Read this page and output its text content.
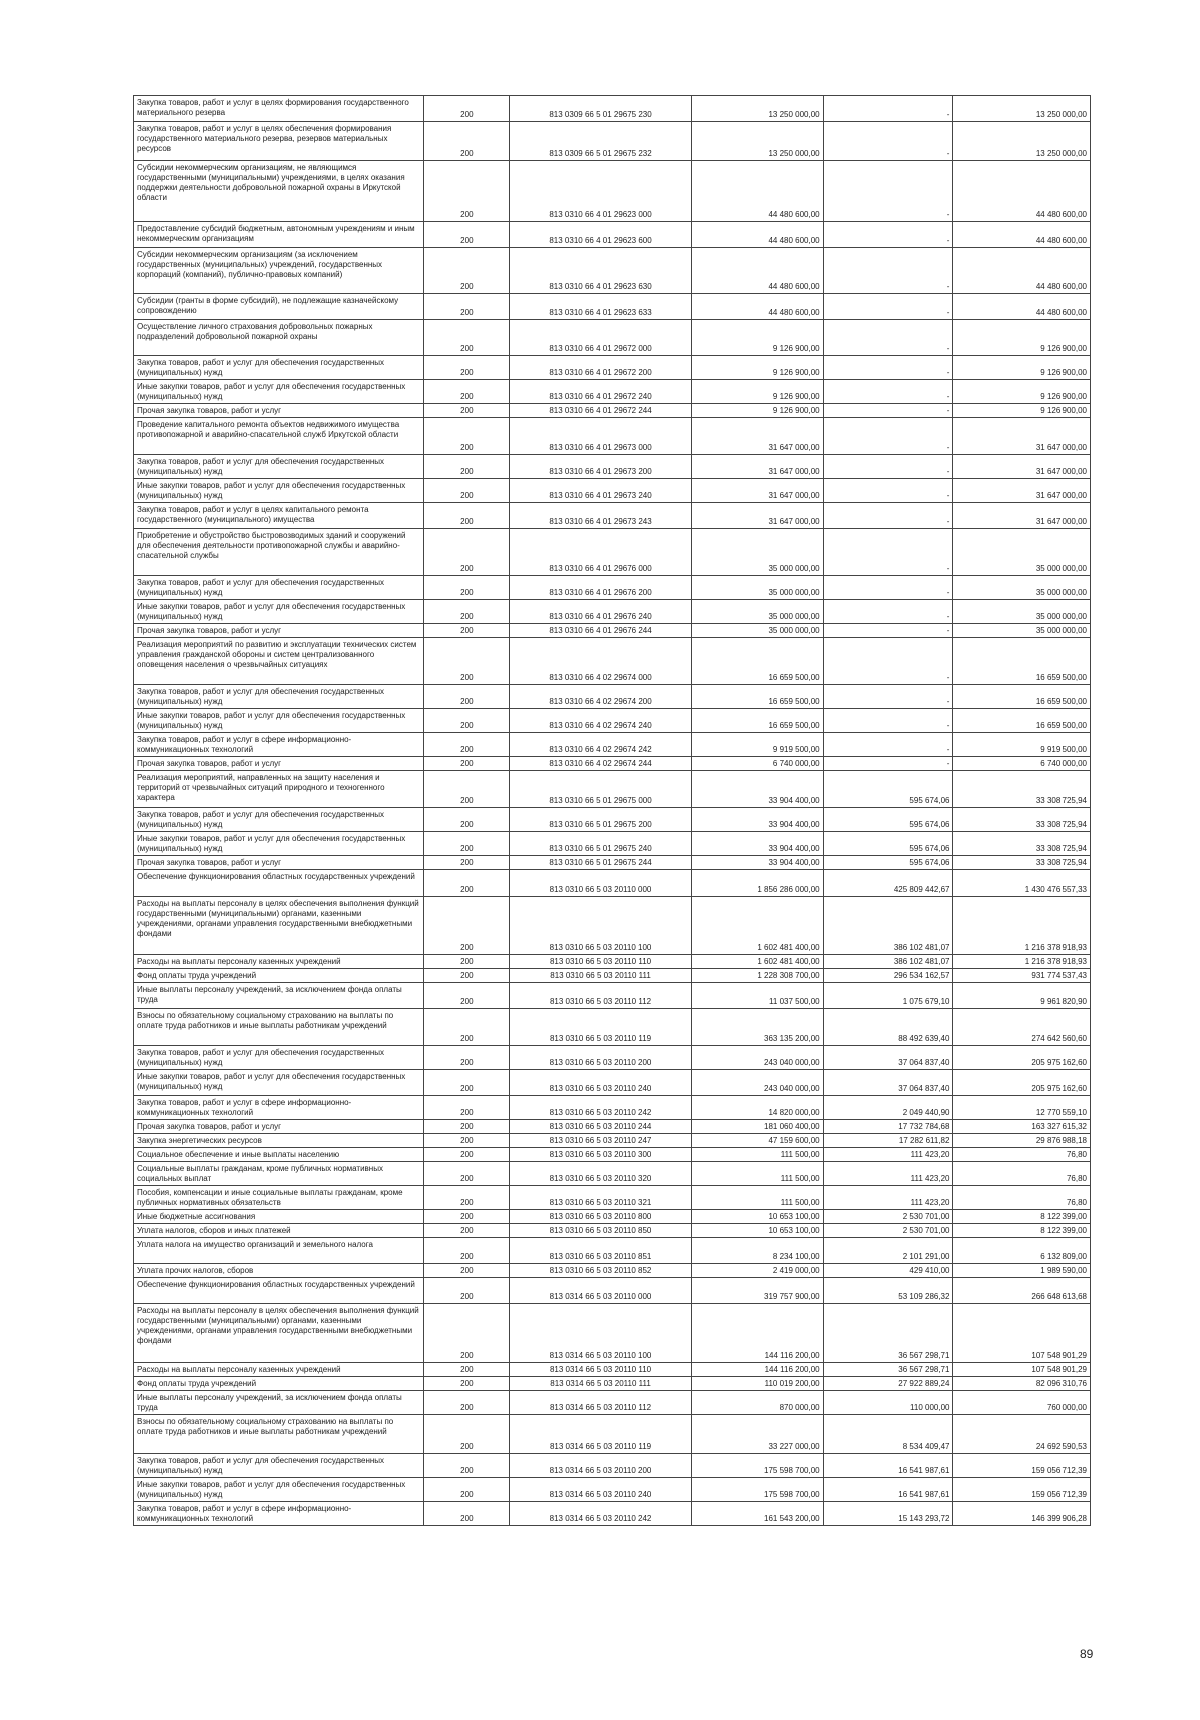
Закупка товаров, работ и услуг в целях формирования государственного материального резерва	200	813 0309 66 5 01 29675 230	13 250 000,00	-	13 250 000,00
Закупка товаров, работ и услуг в целях обеспечения формирования государственного материального резерва, резервов материальных ресурсов	200	813 0309 66 5 01 29675 232	13 250 000,00	-	13 250 000,00
Субсидии некоммерческим организациям, не являющимся государственными (муниципальными) учреждениями, в целях оказания поддержки деятельности добровольной пожарной охраны в Иркутской области	200	813 0310 66 4 01 29623 000	44 480 600,00	-	44 480 600,00
Предоставление субсидий бюджетным, автономным учреждениям и иным некоммерческим организациям	200	813 0310 66 4 01 29623 600	44 480 600,00	-	44 480 600,00
Субсидии некоммерческим организациям (за исключением государственных (муниципальных) учреждений, государственных корпораций (компаний), публично-правовых компаний)	200	813 0310 66 4 01 29623 630	44 480 600,00	-	44 480 600,00
Субсидии (гранты в форме субсидий), не подлежащие казначейскому сопровождению	200	813 0310 66 4 01 29623 633	44 480 600,00	-	44 480 600,00
Осуществление личного страхования добровольных пожарных подразделений добровольной пожарной охраны	200	813 0310 66 4 01 29672 000	9 126 900,00	-	9 126 900,00
Закупка товаров, работ и услуг для обеспечения государственных (муниципальных) нужд	200	813 0310 66 4 01 29672 200	9 126 900,00	-	9 126 900,00
Иные закупки товаров, работ и услуг для обеспечения государственных (муниципальных) нужд	200	813 0310 66 4 01 29672 240	9 126 900,00	-	9 126 900,00
Прочая закупка товаров, работ и услуг	200	813 0310 66 4 01 29672 244	9 126 900,00	-	9 126 900,00
Проведение капитального ремонта объектов недвижимого имущества противопожарной и аварийно-спасательной служб Иркутской области	200	813 0310 66 4 01 29673 000	31 647 000,00	-	31 647 000,00
Закупка товаров, работ и услуг для обеспечения государственных (муниципальных) нужд	200	813 0310 66 4 01 29673 200	31 647 000,00	-	31 647 000,00
Иные закупки товаров, работ и услуг для обеспечения государственных (муниципальных) нужд	200	813 0310 66 4 01 29673 240	31 647 000,00	-	31 647 000,00
Закупка товаров, работ и услуг в целях капитального ремонта государственного (муниципального) имущества	200	813 0310 66 4 01 29673 243	31 647 000,00	-	31 647 000,00
Приобретение и обустройство быстровозводимых зданий и сооружений для обеспечения деятельности противопожарной службы и аварийно-спасательной службы	200	813 0310 66 4 01 29676 000	35 000 000,00	-	35 000 000,00
Закупка товаров, работ и услуг для обеспечения государственных (муниципальных) нужд	200	813 0310 66 4 01 29676 200	35 000 000,00	-	35 000 000,00
Иные закупки товаров, работ и услуг для обеспечения государственных (муниципальных) нужд	200	813 0310 66 4 01 29676 240	35 000 000,00	-	35 000 000,00
Прочая закупка товаров, работ и услуг	200	813 0310 66 4 01 29676 244	35 000 000,00	-	35 000 000,00
Реализация мероприятий по развитию и эксплуатации технических систем управления гражданской обороны и систем централизованного оповещения населения о чрезвычайных ситуациях	200	813 0310 66 4 02 29674 000	16 659 500,00	-	16 659 500,00
Закупка товаров, работ и услуг для обеспечения государственных (муниципальных) нужд	200	813 0310 66 4 02 29674 200	16 659 500,00	-	16 659 500,00
Иные закупки товаров, работ и услуг для обеспечения государственных (муниципальных) нужд	200	813 0310 66 4 02 29674 240	16 659 500,00	-	16 659 500,00
Закупка товаров, работ и услуг в сфере информационно-коммуникационных технологий	200	813 0310 66 4 02 29674 242	9 919 500,00	-	9 919 500,00
Прочая закупка товаров, работ и услуг	200	813 0310 66 4 02 29674 244	6 740 000,00	-	6 740 000,00
Реализация мероприятий, направленных на защиту населения и территорий от чрезвычайных ситуаций природного и техногенного характера	200	813 0310 66 5 01 29675 000	33 904 400,00	595 674,06	33 308 725,94
Закупка товаров, работ и услуг для обеспечения государственных (муниципальных) нужд	200	813 0310 66 5 01 29675 200	33 904 400,00	595 674,06	33 308 725,94
Иные закупки товаров, работ и услуг для обеспечения государственных (муниципальных) нужд	200	813 0310 66 5 01 29675 240	33 904 400,00	595 674,06	33 308 725,94
Прочая закупка товаров, работ и услуг	200	813 0310 66 5 01 29675 244	33 904 400,00	595 674,06	33 308 725,94
Обеспечение функционирования областных государственных учреждений	200	813 0310 66 5 03 20110 000	1 856 286 000,00	425 809 442,67	1 430 476 557,33
Расходы на выплаты персоналу в целях обеспечения выполнения функций государственными (муниципальными) органами, казенными учреждениями, органами управления государственными внебюджетными фондами	200	813 0310 66 5 03 20110 100	1 602 481 400,00	386 102 481,07	1 216 378 918,93
Расходы на выплаты персоналу казенных учреждений	200	813 0310 66 5 03 20110 110	1 602 481 400,00	386 102 481,07	1 216 378 918,93
Фонд оплаты труда учреждений	200	813 0310 66 5 03 20110 111	1 228 308 700,00	296 534 162,57	931 774 537,43
Иные выплаты персоналу учреждений, за исключением фонда оплаты труда	200	813 0310 66 5 03 20110 112	11 037 500,00	1 075 679,10	9 961 820,90
Взносы по обязательному социальному страхованию на выплаты по оплате труда работников и иные выплаты работникам учреждений	200	813 0310 66 5 03 20110 119	363 135 200,00	88 492 639,40	274 642 560,60
Закупка товаров, работ и услуг для обеспечения государственных (муниципальных) нужд	200	813 0310 66 5 03 20110 200	243 040 000,00	37 064 837,40	205 975 162,60
Иные закупки товаров, работ и услуг для обеспечения государственных (муниципальных) нужд	200	813 0310 66 5 03 20110 240	243 040 000,00	37 064 837,40	205 975 162,60
Закупка товаров, работ и услуг в сфере информационно-коммуникационных технологий	200	813 0310 66 5 03 20110 242	14 820 000,00	2 049 440,90	12 770 559,10
Прочая закупка товаров, работ и услуг	200	813 0310 66 5 03 20110 244	181 060 400,00	17 732 784,68	163 327 615,32
Закупка энергетических ресурсов	200	813 0310 66 5 03 20110 247	47 159 600,00	17 282 611,82	29 876 988,18
Социальное обеспечение и иные выплаты населению	200	813 0310 66 5 03 20110 300	111 500,00	111 423,20	76,80
Социальные выплаты гражданам, кроме публичных нормативных социальных выплат	200	813 0310 66 5 03 20110 320	111 500,00	111 423,20	76,80
Пособия, компенсации и иные социальные выплаты гражданам, кроме публичных нормативных обязательств	200	813 0310 66 5 03 20110 321	111 500,00	111 423,20	76,80
Иные бюджетные ассигнования	200	813 0310 66 5 03 20110 800	10 653 100,00	2 530 701,00	8 122 399,00
Уплата налогов, сборов и иных платежей	200	813 0310 66 5 03 20110 850	10 653 100,00	2 530 701,00	8 122 399,00
Уплата налога на имущество организаций и земельного налога	200	813 0310 66 5 03 20110 851	8 234 100,00	2 101 291,00	6 132 809,00
Уплата прочих налогов, сборов	200	813 0310 66 5 03 20110 852	2 419 000,00	429 410,00	1 989 590,00
Обеспечение функционирования областных государственных учреждений	200	813 0314 66 5 03 20110 000	319 757 900,00	53 109 286,32	266 648 613,68
Расходы на выплаты персоналу в целях обеспечения выполнения функций государственными (муниципальными) органами, казенными учреждениями, органами управления государственными внебюджетными фондами	200	813 0314 66 5 03 20110 100	144 116 200,00	36 567 298,71	107 548 901,29
Расходы на выплаты персоналу казенных учреждений	200	813 0314 66 5 03 20110 110	144 116 200,00	36 567 298,71	107 548 901,29
Фонд оплаты труда учреждений	200	813 0314 66 5 03 20110 111	110 019 200,00	27 922 889,24	82 096 310,76
Иные выплаты персоналу учреждений, за исключением фонда оплаты труда	200	813 0314 66 5 03 20110 112	870 000,00	110 000,00	760 000,00
Взносы по обязательному социальному страхованию на выплаты по оплате труда работников и иные выплаты работникам учреждений	200	813 0314 66 5 03 20110 119	33 227 000,00	8 534 409,47	24 692 590,53
Закупка товаров, работ и услуг для обеспечения государственных (муниципальных) нужд	200	813 0314 66 5 03 20110 200	175 598 700,00	16 541 987,61	159 056 712,39
Иные закупки товаров, работ и услуг для обеспечения государственных (муниципальных) нужд	200	813 0314 66 5 03 20110 240	175 598 700,00	16 541 987,61	159 056 712,39
Закупка товаров, работ и услуг в сфере информационно-коммуникационных технологий	200	813 0314 66 5 03 20110 242	161 543 200,00	15 143 293,72	146 399 906,28
89
